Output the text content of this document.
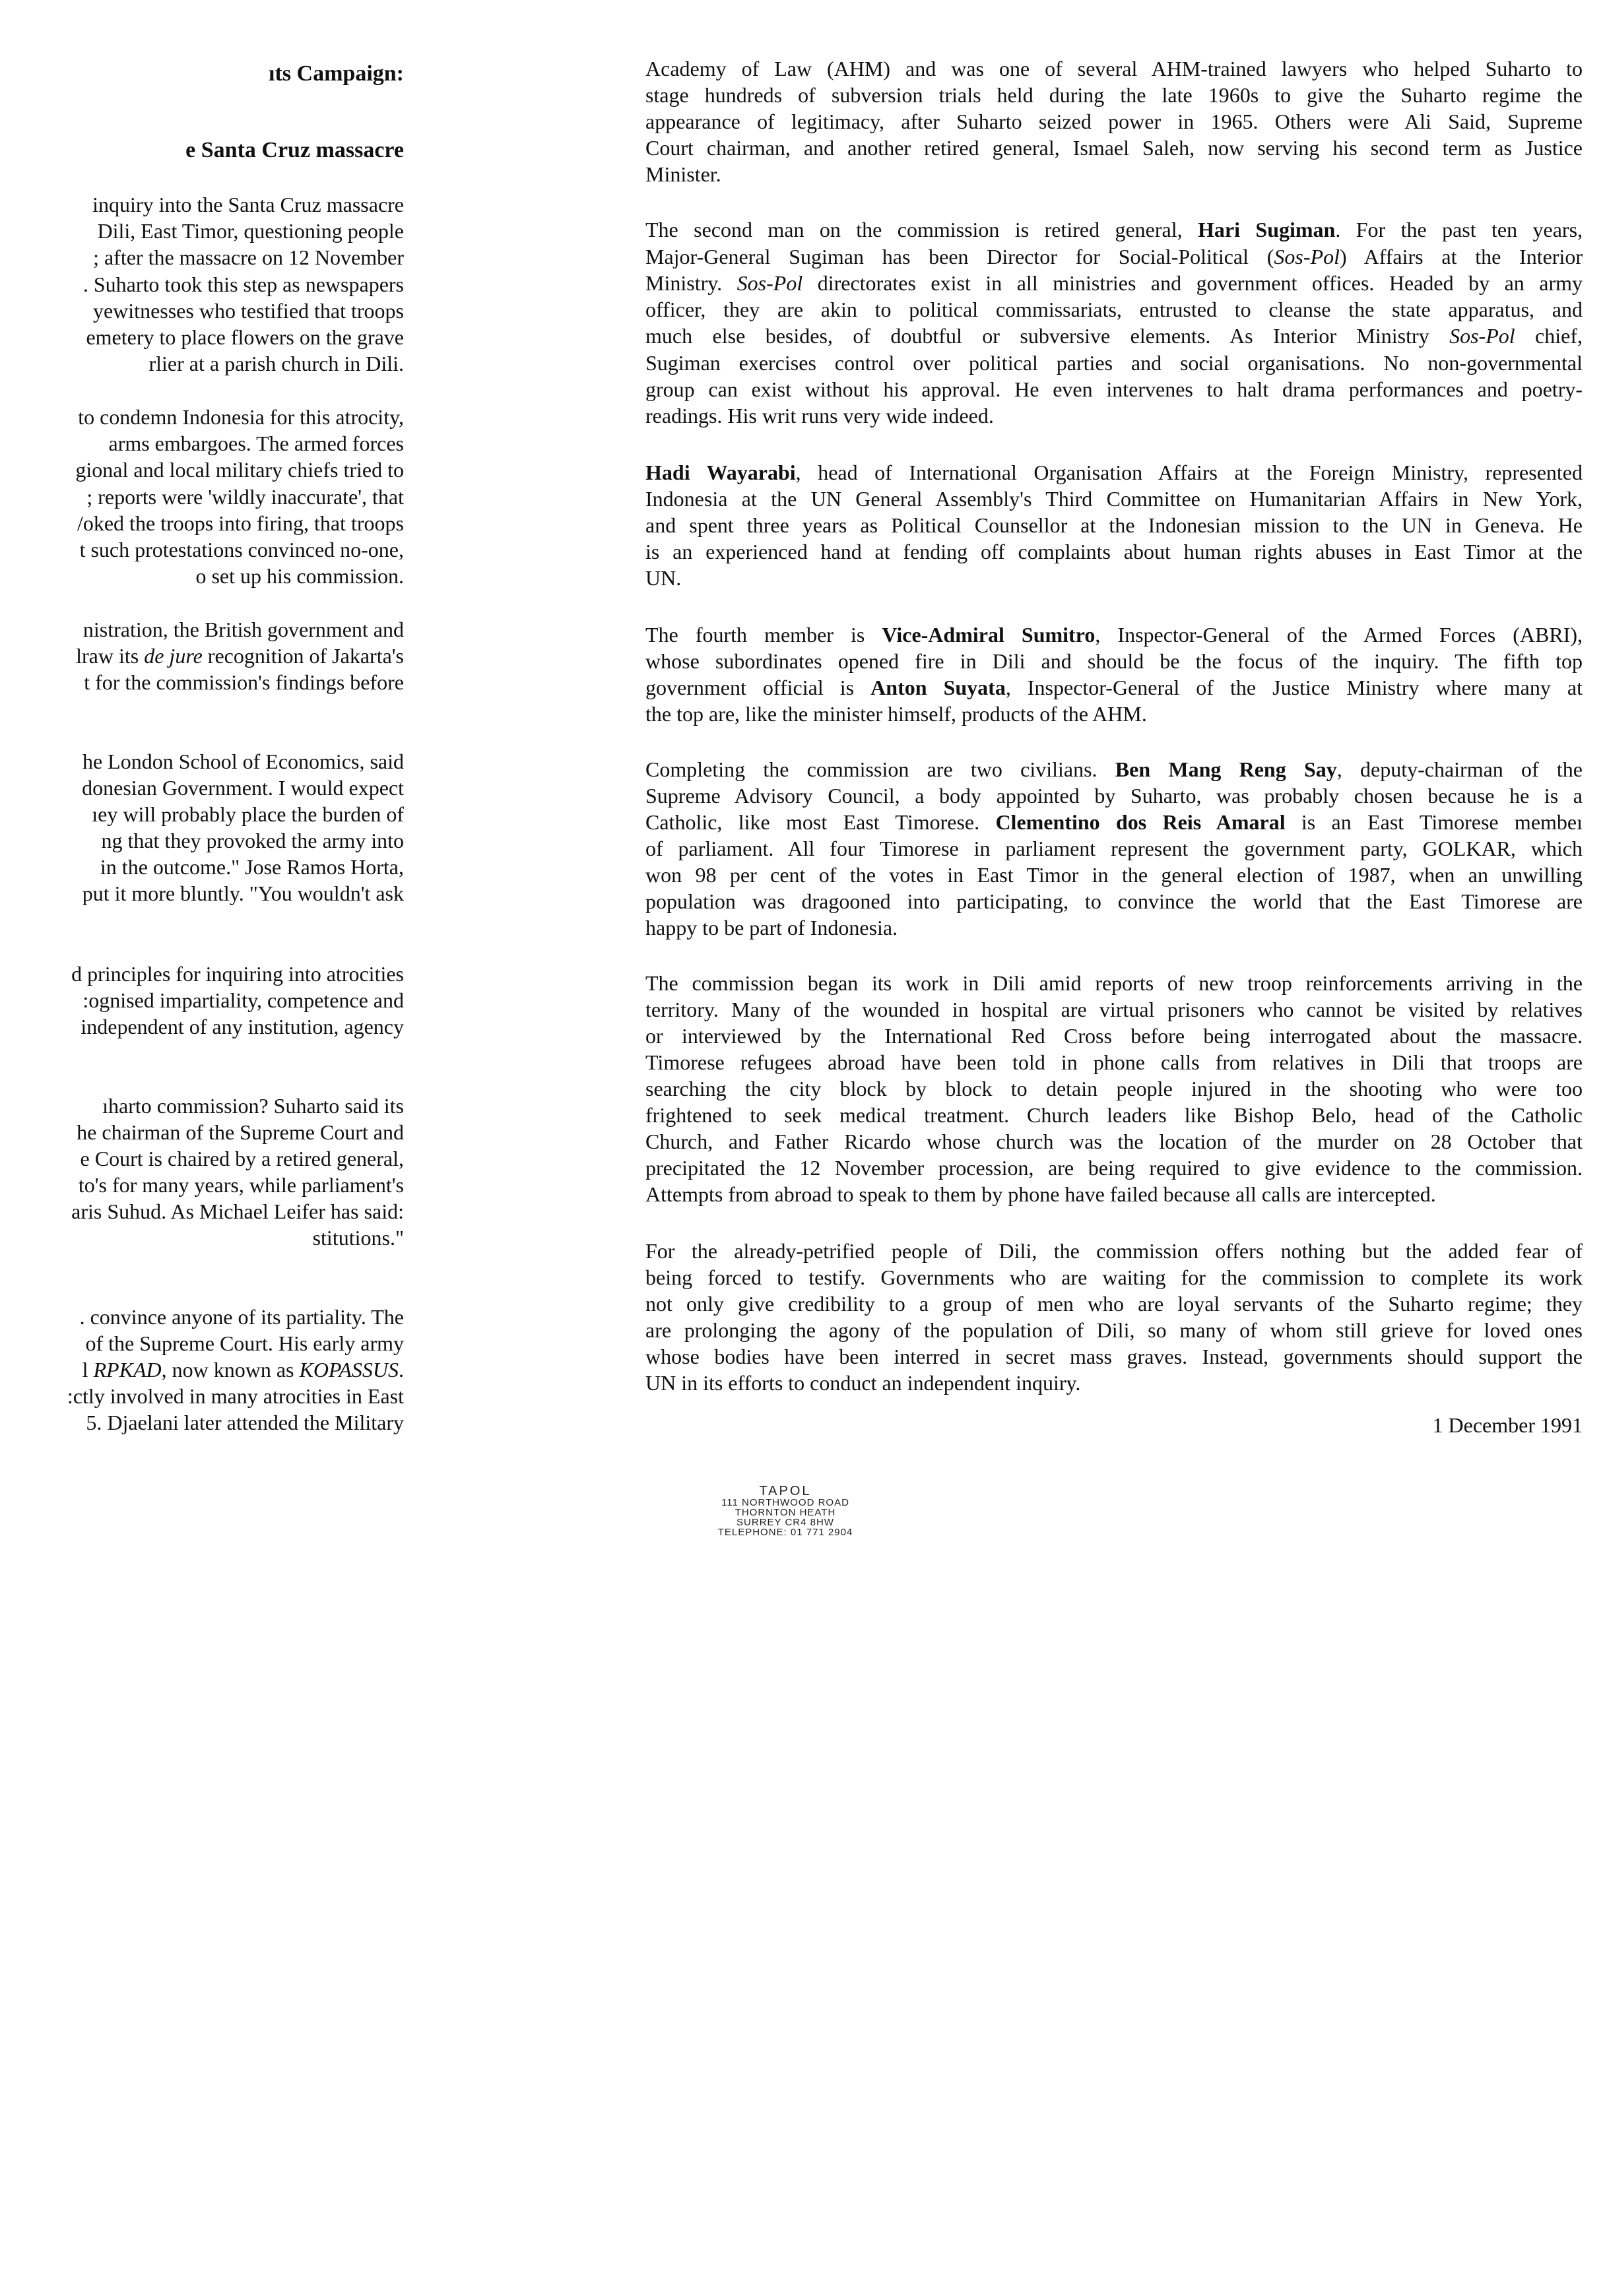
ıts Campaign:
e Santa Cruz massacre
inquiry into the Santa Cruz massacre
Dili, East Timor, questioning people
; after the massacre on 12 November
. Suharto took this step as newspapers
yewitnesses who testified that troops
emetery to place flowers on the grave
rlier at a parish church in Dili.
to condemn Indonesia for this atrocity,
arms embargoes. The armed forces
gional and local military chiefs tried to
; reports were 'wildly inaccurate', that
/oked the troops into firing, that troops
t such protestations convinced no-one,
o set up his commission.
nistration, the British government and
lraw its de jure recognition of Jakarta's
t for the commission's findings before
he London School of Economics, said
donesian Government. I would expect
ıey will probably place the burden of
ng that they provoked the army into
in the outcome." Jose Ramos Horta,
put it more bluntly. "You wouldn't ask
d principles for inquiring into atrocities
:ognised impartiality, competence and
independent of any institution, agency
ıharto commission? Suharto said its
he chairman of the Supreme Court and
e Court is chaired by a retired general,
to's for many years, while parliament's
aris Suhud. As Michael Leifer has said:
stitutions."
. convince anyone of its partiality. The
of the Supreme Court. His early army
l RPKAD, now known as KOPASSUS.
:ctly involved in many atrocities in East
5. Djaelani later attended the Military
Academy of Law (AHM) and was one of several AHM-trained lawyers who helped Suharto to
stage hundreds of subversion trials held during the late 1960s to give the Suharto regime the
appearance of legitimacy, after Suharto seized power in 1965. Others were Ali Said, Supreme
Court chairman, and another retired general, Ismael Saleh, now serving his second term as Justice
Minister.
The second man on the commission is retired general, Hari Sugiman. For the past ten years,
Major-General Sugiman has been Director for Social-Political (Sos-Pol) Affairs at the Interior
Ministry. Sos-Pol directorates exist in all ministries and government offices. Headed by an army
officer, they are akin to political commissariats, entrusted to cleanse the state apparatus, and
much else besides, of doubtful or subversive elements. As Interior Ministry Sos-Pol chief,
Sugiman exercises control over political parties and social organisations. No non-governmental
group can exist without his approval. He even intervenes to halt drama performances and poetry-
readings. His writ runs very wide indeed.
Hadi Wayarabi, head of International Organisation Affairs at the Foreign Ministry, represented
Indonesia at the UN General Assembly's Third Committee on Humanitarian Affairs in New York,
and spent three years as Political Counsellor at the Indonesian mission to the UN in Geneva. He
is an experienced hand at fending off complaints about human rights abuses in East Timor at the
UN.
The fourth member is Vice-Admiral Sumitro, Inspector-General of the Armed Forces (ABRI),
whose subordinates opened fire in Dili and should be the focus of the inquiry. The fifth top
government official is Anton Suyata, Inspector-General of the Justice Ministry where many at
the top are, like the minister himself, products of the AHM.
Completing the commission are two civilians. Ben Mang Reng Say, deputy-chairman of the
Supreme Advisory Council, a body appointed by Suharto, was probably chosen because he is a
Catholic, like most East Timorese. Clementino dos Reis Amaral is an East Timorese membeı
of parliament. All four Timorese in parliament represent the government party, GOLKAR, which
won 98 per cent of the votes in East Timor in the general election of 1987, when an unwilling
population was dragooned into participating, to convince the world that the East Timorese are
happy to be part of Indonesia.
The commission began its work in Dili amid reports of new troop reinforcements arriving in the
territory. Many of the wounded in hospital are virtual prisoners who cannot be visited by relatives
or interviewed by the International Red Cross before being interrogated about the massacre.
Timorese refugees abroad have been told in phone calls from relatives in Dili that troops are
searching the city block by block to detain people injured in the shooting who were too
frightened to seek medical treatment. Church leaders like Bishop Belo, head of the Catholic
Church, and Father Ricardo whose church was the location of the murder on 28 October that
precipitated the 12 November procession, are being required to give evidence to the commission.
Attempts from abroad to speak to them by phone have failed because all calls are intercepted.
For the already-petrified people of Dili, the commission offers nothing but the added fear of
being forced to testify. Governments who are waiting for the commission to complete its work
not only give credibility to a group of men who are loyal servants of the Suharto regime; they
are prolonging the agony of the population of Dili, so many of whom still grieve for loved ones
whose bodies have been interred in secret mass graves. Instead, governments should support the
UN in its efforts to conduct an independent inquiry.
1 December 1991
TAPOL
111 NORTHWOOD ROAD
THORNTON HEATH
SURREY CR4 8HW
TELEPHONE: 01 771 2904
